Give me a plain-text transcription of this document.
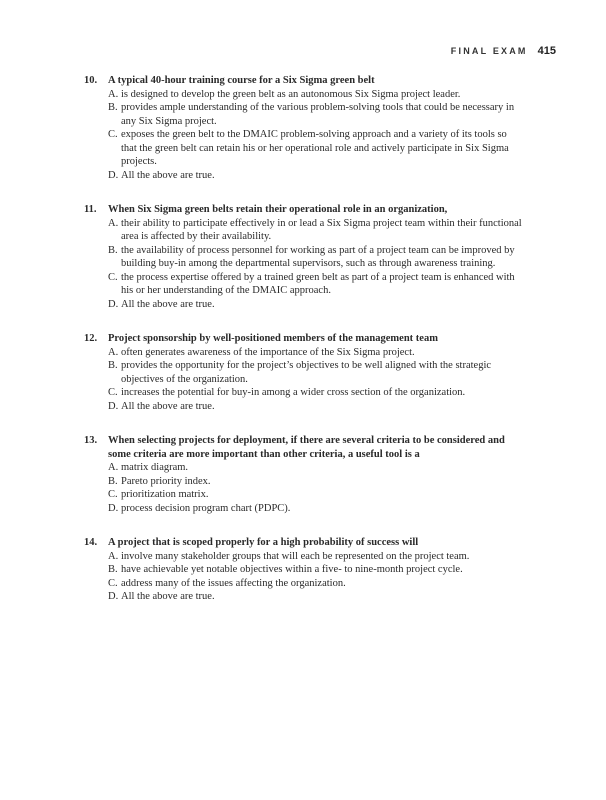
FINAL EXAM 415
10.	A typical 40-hour training course for a Six Sigma green belt
A. is designed to develop the green belt as an autonomous Six Sigma project leader.
B. provides ample understanding of the various problem-solving tools that could be necessary in any Six Sigma project.
C. exposes the green belt to the DMAIC problem-solving approach and a variety of its tools so that the green belt can retain his or her operational role and actively participate in Six Sigma projects.
D. All the above are true.
11.	When Six Sigma green belts retain their operational role in an organization,
A. their ability to participate effectively in or lead a Six Sigma project team within their functional area is affected by their availability.
B. the availability of process personnel for working as part of a project team can be improved by building buy-in among the departmental supervisors, such as through awareness training.
C. the process expertise offered by a trained green belt as part of a project team is enhanced with his or her understanding of the DMAIC approach.
D. All the above are true.
12.	Project sponsorship by well-positioned members of the management team
A. often generates awareness of the importance of the Six Sigma project.
B. provides the opportunity for the project’s objectives to be well aligned with the strategic objectives of the organization.
C. increases the potential for buy-in among a wider cross section of the organization.
D. All the above are true.
13.	When selecting projects for deployment, if there are several criteria to be considered and some criteria are more important than other criteria, a useful tool is a
A. matrix diagram.
B. Pareto priority index.
C. prioritization matrix.
D. process decision program chart (PDPC).
14.	A project that is scoped properly for a high probability of success will
A. involve many stakeholder groups that will each be represented on the project team.
B. have achievable yet notable objectives within a five- to nine-month project cycle.
C. address many of the issues affecting the organization.
D. All the above are true.
